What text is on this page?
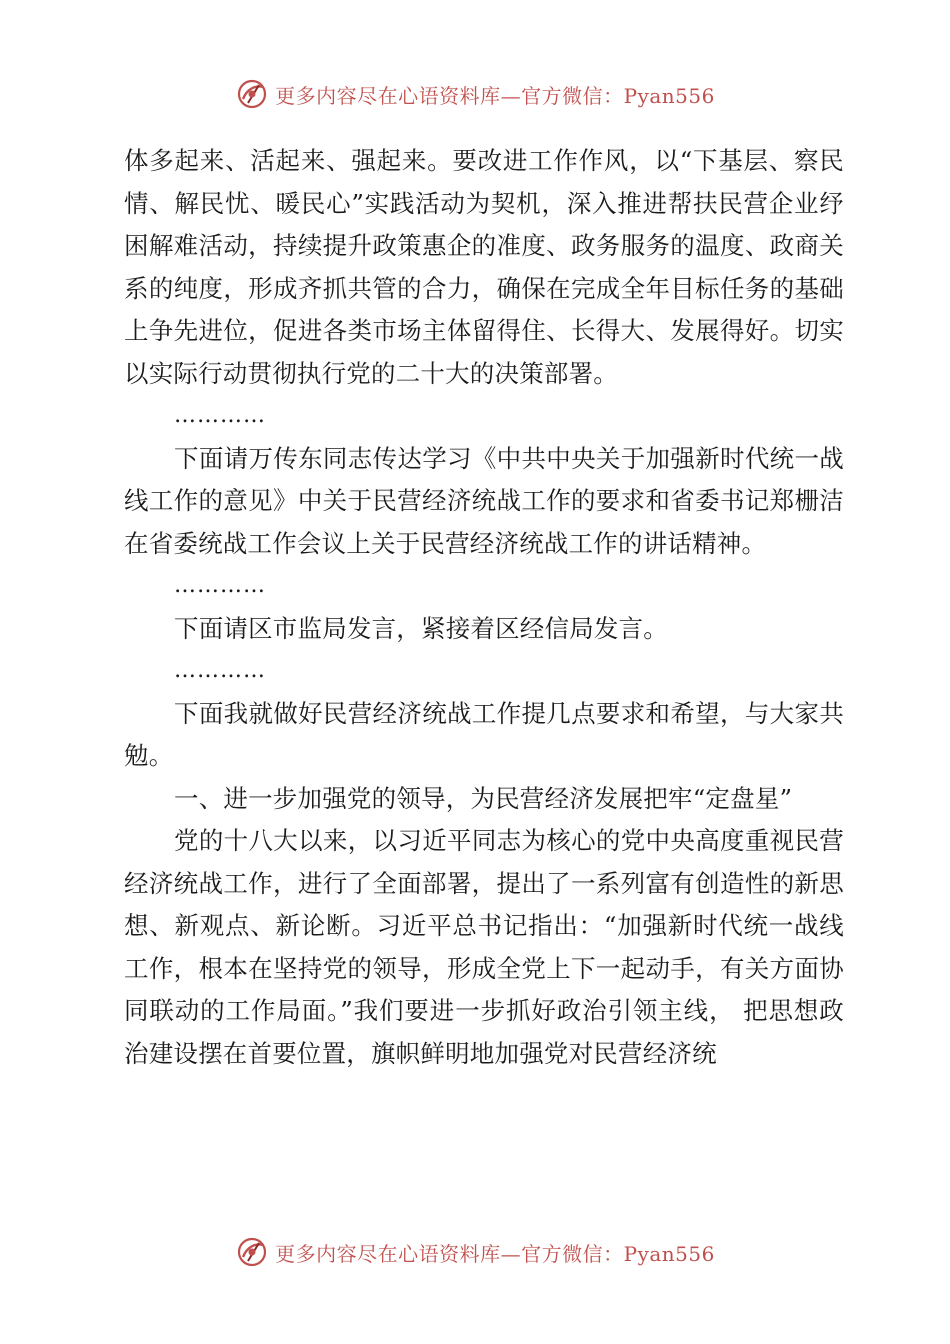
更多内容尽在心语资料库—官方微信：Pyan556

体多起来、活起来、强起来。要改进工作作风，以“下基层、察民情、解民忧、暖民心”实践活动为契机，深入推进帮扶民营企业纾困解难活动，持续提升政策惠企的准度、政务服务的温度、政商关系的纯度，形成齐抓共管的合力，确保在完成全年目标任务的基础上争先进位，促进各类市场主体留得住、长得大、发展得好。切实以实际行动贯彻执行党的二十大的决策部署。

…………

下面请万传东同志传达学习《中共中央关于加强新时代统一战线工作的意见》中关于民营经济统战工作的要求和省委书记郑栅洁在省委统战工作会议上关于民营经济统战工作的讲话精神。

…………

下面请区市监局发言，紧接着区经信局发言。

…………

下面我就做好民营经济统战工作提几点要求和希望，与大家共勉。

一、进一步加强党的领导，为民营经济发展把牢“定盘星”

党的十八大以来，以习近平同志为核心的党中央高度重视民营经济统战工作，进行了全面部署，提出了一系列富有创造性的新思想、新观点、新论断。习近平总书记指出：“加强新时代统一战线工作，根本在坚持党的领导，形成全党上下一起动手，有关方面协同联动的工作局面。”我们要进一步抓好政治引领主线， 把思想政治建设摆在首要位置，旗帜鲜明地加强党对民营经济统

更多内容尽在心语资料库—官方微信：Pyan556
